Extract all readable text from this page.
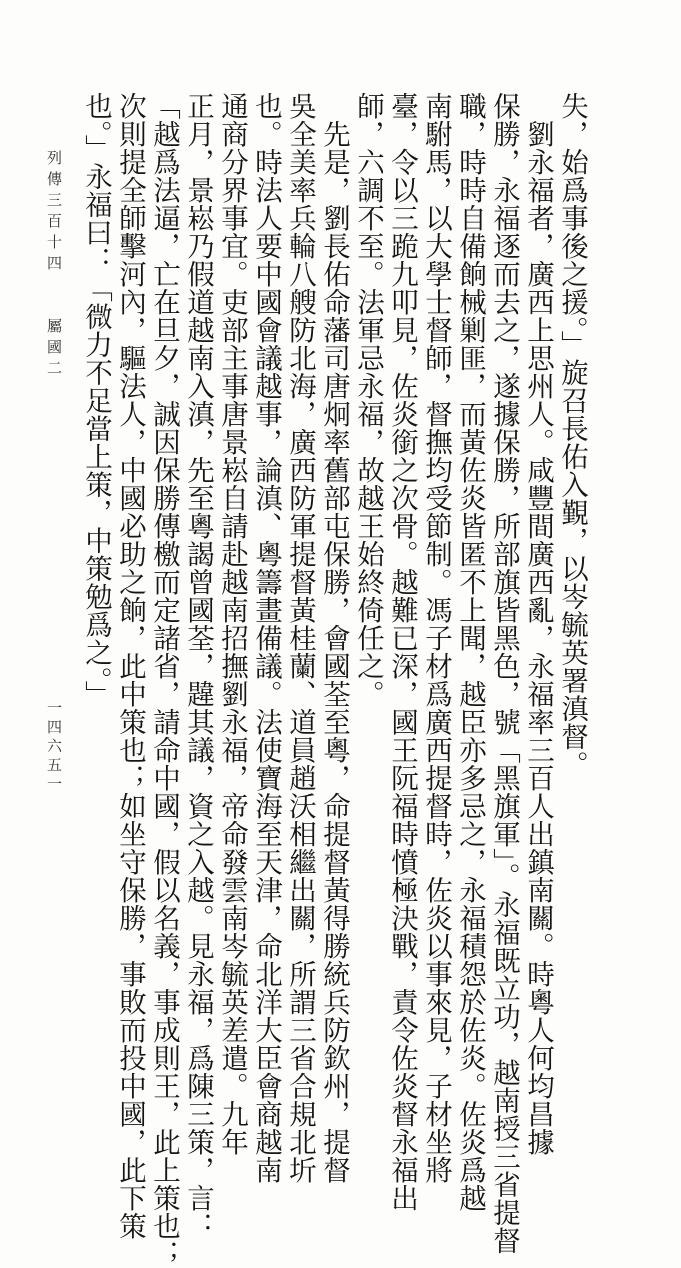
列傳三百十四屬國二
一四六五一	失，始爲事後之援。」旋召長佑入覲，以岑毓英署滇督。
　劉永福者，廣西上思州人。咸豐間廣西亂，永福率三百人出鎮南關。時粵人何均昌據
保勝，永福逐而去之，遂據保勝，所部旗皆黑色，號「黑旗軍」。永福既立功，越南授三省提督
職，時時自備餉械剿匪，而黃佐炎皆匿不上聞，越臣亦多忌之，永福積怨於佐炎。佐炎爲越
南駙馬，以大學士督師，督撫均受節制。馮子材爲廣西提督時，佐炎以事來見，子材坐將
臺，令以三跪九叩見，佐炎銜之次骨。越難已深，國王阮福時憤極決戰，責令佐炎督永福出
師，六調不至。法軍忌永福，故越王始終倚任之。
　先是，劉長佑命藩司唐炯率舊部屯保勝，會國荃至粵，命提督黃得勝統兵防欽州，提督
吳全美率兵輪八艘防北海，廣西防軍提督黃桂蘭、道員趙沃相繼出關，所謂三省合規北圻
也。時法人要中國會議越事，論滇、粵籌畫備議。法使寶海至天津，命北洋大臣會商越南
通商分界事宜。吏部主事唐景崧自請赴越南招撫劉永福，帝命發雲南岑毓英差遣。九年
正月，景崧乃假道越南入滇，先至粵謁曾國荃，韙其議，資之入越。見永福，爲陳三策，言：
「越爲法逼，亡在旦夕，誠因保勝傳檄而定諸省，請命中國，假以名義，事成則王，此上策也；
次則提全師擊河內，驅法人，中國必助之餉，此中策也；如坐守保勝，事敗而投中國，此下策
也。」永福曰：「微力不足當上策，中策勉爲之。」
